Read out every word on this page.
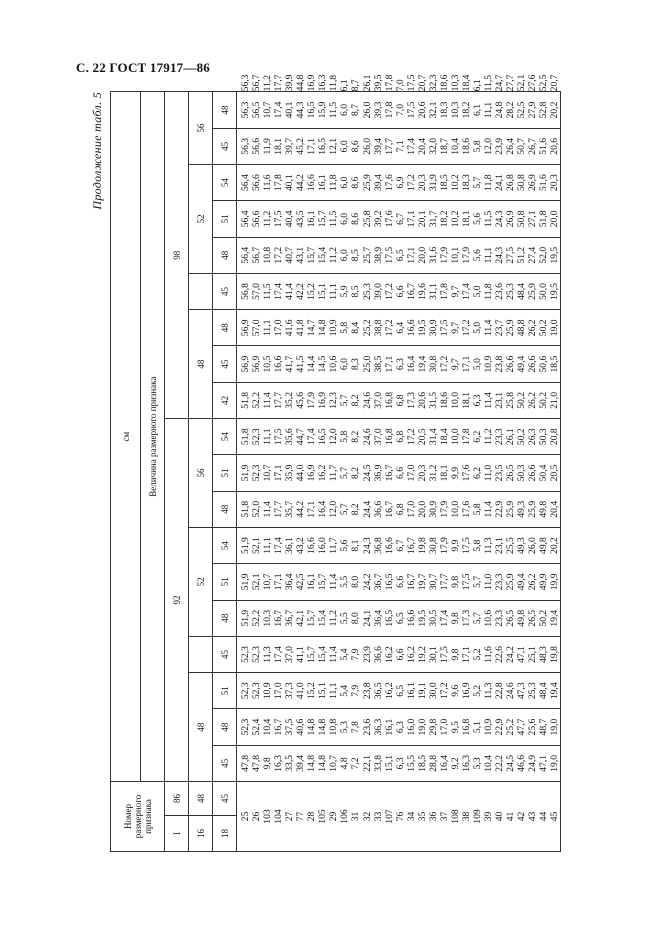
С. 22 ГОСТ 17917—86
Продолжение табл. 5
Номер размерного признака		см																			
		Величина размерного признака																			
I	86	92										98									
16	48	48				52			56			48				52			56		
18	45	45	48	51	45	48	51	54	48	51	54	42	45	48	45	48	51	54	45	48	
25		47,8	52,3	52,3	52,3	51,9	51,9	51,9	51,8	51,9	51,8	51,8	56,9	56,9	56,8	56,4	56,4	56,4	56,3	56,3	56,3
26		47,8	52,4	52,3	52,3	52,2	52,1	52,1	52,0	52,3	52,3	52,2	56,9	57,0	57,0	56,7	56,6	56,6	56,6	56,5	56,7
103		9,8	10,4	10,9	11,3	10,3	10,7	11,1	11,4	10,7	11,1	11,4	10,5	11,1	11,5	10,8	11,2	11,6	11,9	10,7	11,2
104		16,3	16,7	17,0	17,4	16,7	17,1	17,4	17,7	17,1	17,5	17,7	16,6	17,0	17,4	17,2	17,5	17,8	18,1	17,4	17,7
27		33,5	37,5	37,3	37,0	36,7	36,4	36,1	35,7	35,9	35,6	35,2	41,7	41,6	41,4	40,7	40,4	40,1	39,7	40,1	39,9
77		39,4	40,6	41,0	41,1	42,1	42,5	43,2	44,2	44,0	44,7	45,6	41,5	41,8	42,2	43,1	43,5	44,2	45,2	44,3	44,8
28		14,8	14,8	15,2	15,7	15,7	16,1	16,6	17,1	16,9	17,4	17,9	14,4	14,7	15,2	15,7	16,1	16,6	17,1	16,5	16,9
105		14,8	14,8	15,1	15,4	15,4	15,7	16,0	16,4	16,2	16,5	16,9	14,5	14,8	15,1	15,4	15,7	16,1	16,5	15,9	16,3
29		10,7	10,8	11,1	11,4	11,2	11,4	11,7	12,0	11,7	12,0	12,3	10,6	10,9	11,1	11,2	11,5	11,8	12,1	11,5	11,8
106		4,8	5,3	5,4	5,4	5,5	5,5	5,6	5,7	5,7	5,8	5,7	6,0	5,8	5,9	6,0	6,0	6,0	6,0	6,0	6,1
31		7,2	7,8	7,9	7,9	8,0	8,0	8,1	8,2	8,2	8,2	8,2	8,3	8,4	8,5	8,5	8,6	8,6	8,6	8,7	8,7
32		22,1	23,6	23,8	23,9	24,1	24,2	24,3	24,4	24,5	24,6	24,6	25,0	25,2	25,3	25,7	25,8	25,9	26,0	26,0	26,1
33		33,8	36,3	36,5	36,6	36,4	36,7	36,8	36,6	36,9	37,0	37,0	38,5	38,8	39,0	38,9	39,2	39,4	39,4	39,3	39,5
107		15,1	16,1	16,2	16,2	16,5	16,5	16,6	16,7	16,7	16,8	16,8	17,1	17,2	17,2	17,5	17,6	17,6	17,7	17,8	17,8
76		6,3	6,3	6,5	6,6	6,5	6,6	6,7	6,8	6,6	6,8	6,8	6,3	6,4	6,6	6,5	6,7	6,9	7,1	7,0	7,0
34		15,5	16,0	16,1	16,2	16,6	16,7	16,7	17,0	17,0	17,2	17,3	16,4	16,6	16,7	17,1	17,1	17,2	17,4	17,5	17,5
35		18,5	19,0	19,1	19,2	19,5	19,7	19,8	20,0	20,3	20,5	20,6	19,4	19,5	19,6	20,0	20,1	20,3	20,4	20,6	20,7
36		28,8	29,8	30,0	30,1	30,5	30,7	30,8	30,9	31,2	31,4	31,5	30,8	30,9	31,1	31,6	31,7	31,9	32,0	32,1	32,3
37		16,4	17,0	17,2	17,5	17,4	17,7	17,9	17,9	18,1	18,4	18,6	17,2	17,5	17,8	17,9	18,2	18,5	18,7	18,3	18,6
108		9,2	9,5	9,6	9,8	9,8	9,8	9,9	10,0	9,9	10,0	10,0	9,7	9,7	9,7	10,1	10,2	10,2	10,4	10,3	10,3
38		16,3	16,8	16,9	17,1	17,3	17,5	17,5	17,6	17,6	17,8	18,1	17,1	17,2	17,4	17,9	18,1	18,3	18,6	18,2	18,4
109		5,3	5,1	5,2	5,2	5,7	5,7	5,8	5,8	6,2	6,2	6,3	5,0	5,0	5,0	5,6	5,6	5,7	5,8	6,1	6,1
39		10,4	10,9	11,3	11,6	10,6	11,0	11,3	11,4	11,0	11,2	11,4	10,9	11,4	11,8	11,1	11,5	11,8	12,0	11,1	11,5
40		22,2	22,9	22,8	22,6	23,3	23,3	23,1	22,9	23,5	23,3	23,1	23,8	23,7	23,6	24,3	24,3	24,1	23,9	24,8	24,7
41		24,5	25,2	24,6	24,2	26,5	25,9	25,5	25,9	26,5	26,1	25,8	26,6	25,9	25,3	27,5	26,9	26,8	26,4	28,2	27,7
42		46,6	47,7	47,3	47,1	49,8	49,4	49,3	49,3	50,3	50,2	50,2	49,4	48,8	48,4	51,2	50,8	50,8	50,7	52,5	52,1
43		24,9	25,6	25,3	25,1	26,5	26,2	26,0	25,9	26,6	26,3	26,2	26,6	26,2	25,9	27,4	27,1	26,9	26,7	27,9	27,6
44		47,1	48,7	48,4	48,3	50,2	49,9	49,8	49,8	50,4	50,3	50,2	50,6	50,2	50,0	52,0	51,8	51,6	51,6	52,8	52,5
45		19,0	19,0	19,4	19,8	19,4	19,9	20,2	20,4	20,5	20,8	21,0	18,5	19,0	19,5	19,5	20,0	20,3	20,6	20,2	20,7
